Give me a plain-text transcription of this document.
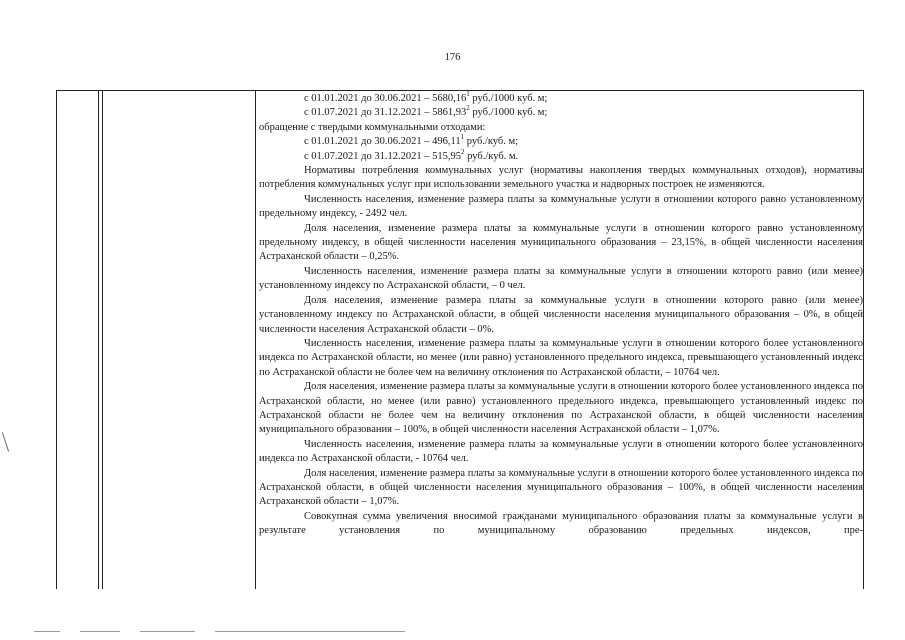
176

с 01.01.2021 до 30.06.2021 – 5680,16$^1$ руб./1000 куб. м;

с 01.07.2021 до 31.12.2021 – 5861,93$^2$ руб./1000 куб. м;

обращение с твердыми коммунальными отходами:

с 01.01.2021 до 30.06.2021 – 496,11$^1$ руб./куб. м;

с 01.07.2021 до 31.12.2021 – 515,95$^2$ руб./куб. м.

Нормативы потребления коммунальных услуг (нормативы накопления твердых коммунальных отходов), нормативы потребления коммунальных услуг при использовании земельного участка и надворных построек не изменяются.

Численность населения, изменение размера платы за коммунальные услуги в отношении которого равно установленному предельному индексу, - 2492 чел.

Доля населения, изменение размера платы за коммунальные услуги в отношении которого равно установленному предельному индексу, в общей численности населения муниципального образования – 23,15%, в общей численности населения Астраханской области – 0,25%.

Численность населения, изменение размера платы за коммунальные услуги в отношении которого равно (или менее) установленному индексу по Астраханской области, – 0 чел.

Доля населения, изменение размера платы за коммунальные услуги в отношении которого равно (или менее) установленному индексу по Астраханской области, в общей численности населения муниципального образования – 0%, в общей численности населения Астраханской области – 0%.

Численность населения, изменение размера платы за коммунальные услуги в отношении которого более установленного индекса по Астраханской области, но менее (или равно) установленного предельного индекса, превышающего установленный индекс по Астраханской области не более чем на величину отклонения по Астраханской области, – 10764 чел.

Доля населения, изменение размера платы за коммунальные услуги в отношении которого более установленного индекса по Астраханской области, но менее (или равно) установленного предельного индекса, превышающего установленный индекс по Астраханской области не более чем на величину отклонения по Астраханской области, в общей численности населения муниципального образования – 100%, в общей численности населения Астраханской области – 1,07%.

Численность населения, изменение размера платы за коммунальные услуги в отношении которого более установленного индекса по Астраханской области, - 10764 чел.

Доля населения, изменение размера платы за коммунальные услуги в отношении которого более установленного индекса по Астраханской области, в общей численности населения муниципального образования – 100%, в общей численности населения Астраханской области – 1,07%.

Совокупная сумма увеличения вносимой гражданами муниципального образования платы за коммунальные услуги в результате установления по муниципальному образованию предельных индексов, пре-
